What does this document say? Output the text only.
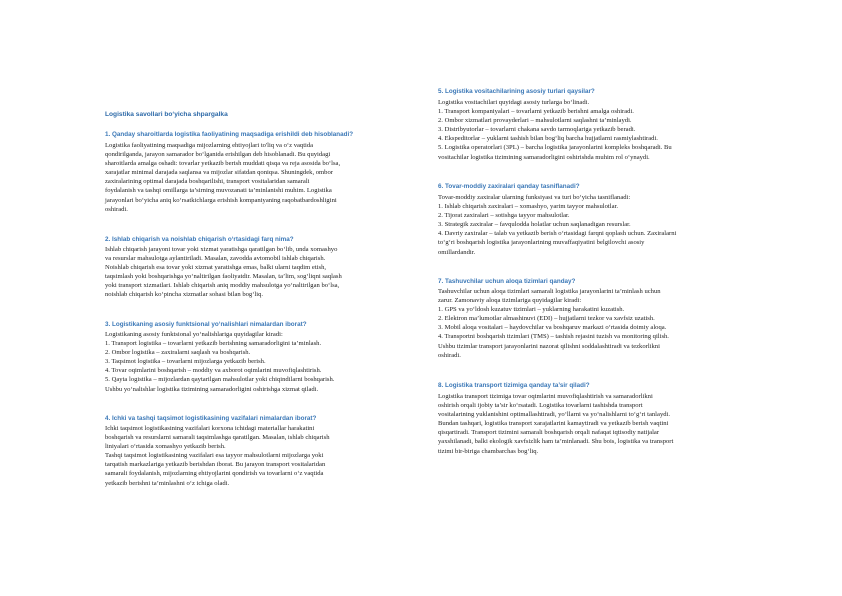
Logistika savollari bo‘yicha shpargalka
1. Qanday sharoitlarda logistika faoliyatining maqsadiga erishildi deb hisoblanadi?
Logistika faoliyatining maqsadiga mijozlarning ehtiyojlari to'liq va o‘z vaqtida
qondirilganda, jarayon samarador bo‘lganida erishilgan deb hisoblanadi. Bu quyidagi
sharoitlarda amalga oshadi: tovarlar yetkazib berish muddati qisqa va reja asosida bo‘lsa,
xarajatlar minimal darajada saqlansa va mijozlar sifatdan qoniqsa. Shuningdek, ombor
zaxiralarining optimal darajada boshqarilishi, transport vositalaridan samarali
foydalanish va tashqi omillarga ta’sirning muvozanati ta’minlanishi muhim. Logistika
jarayonlari bo‘yicha aniq ko‘rsatkichlarga erishish kompaniyaning raqobatbardoshligini
oshiradi.
2. Ishlab chiqarish va noishlab chiqarish o‘rtasidagi farq nima?
Ishlab chiqarish jarayoni tovar yoki xizmat yaratishga qaratilgan bo‘lib, unda xomashyo
va resurslar mahsulotga aylantiriladi. Masalan, zavodda avtomobil ishlab chiqarish.
Noishlab chiqarish esa tovar yoki xizmat yaratishga emas, balki ularni taqdim etish,
taqsimlash yoki boshqarishga yo‘naltirilgan faoliyatdir. Masalan, ta’lim, sog‘liqni saqlash
yoki transport xizmatlari. Ishlab chiqarish aniq moddiy mahsulotga yo‘naltirilgan bo‘lsa,
noishlab chiqarish ko‘pincha xizmatlar sohasi bilan bog‘liq.
3. Logistikaning asosiy funktsional yo‘nalishlari nimalardan iborat?
Logistikaning asosiy funktsional yo‘nalishlariga quyidagilar kiradi:
1. Transport logistika – tovarlarni yetkazib berishning samaradorligini ta’minlash.
2. Ombor logistika – zaxiralarni saqlash va boshqarish.
3. Taqsimot logistika – tovarlarni mijozlarga yetkazib berish.
4. Tovar oqimlarini boshqarish – moddiy va axborot oqimlarini muvofiqlashtirish.
5. Qayta logistika – mijozlardan qaytarilgan mahsulotlar yoki chiqindilarni boshqarish.
Ushbu yo‘nalishlar logistika tizimining samaradorligini oshirishga xizmat qiladi.
4. Ichki va tashqi taqsimot logistikasining vazifalari nimalardan iborat?
Ichki taqsimot logistikasining vazifalari korxona ichidagi materiallar harakatini
boshqarish va resurslarni samarali taqsimlashga qaratilgan. Masalan, ishlab chiqarish
liniyalari o‘rtasida xomashyo yetkazib berish.
Tashqi taqsimot logistikasining vazifalari esa tayyor mahsulotlarni mijozlarga yoki
tarqatish markazlariga yetkazib berishdan iborat. Bu jarayon transport vositalaridan
samarali foydalanish, mijozlarning ehtiyojlarini qondirish va tovarlarni o‘z vaqtida
yetkazib berishni ta’minlashni o‘z ichiga oladi.
5. Logistika vositachilarining asosiy turlari qaysilar?
Logistika vositachilari quyidagi asosiy turlarga bo‘linadi.
1. Transport kompaniyalari – tovarlarni yetkazib berishni amalga oshiradi.
2. Ombor xizmatlari provayderlari – mahsulotlarni saqlashni ta’minlaydi.
3. Distribyutorlar – tovarlarni chakana savdo tarmoqlariga yetkazib beradi.
4. Ekspeditorlar – yuklarni tashish bilan bog‘liq barcha hujjatlarni rasmiylashtiradi.
5. Logistika operatorlari (3PL) – barcha logistika jarayonlarini kompleks boshqaradi. Bu
vositachilar logistika tizimining samaradorligini oshirishda muhim rol o‘ynaydi.
6. Tovar-moddiy zaxiralari qanday tasniflanadi?
Tovar-moddiy zaxiralar ularning funksiyasi va turi bo‘yicha tasniflanadi:
1. Ishlab chiqarish zaxiralari – xomashyo, yarim tayyor mahsulotlar.
2. Tijorat zaxiralari – sotishga tayyor mahsulotlar.
3. Strategik zaxiralar – favqulodda holatlar uchun saqlanadigan resurslar.
4. Davriy zaxiralar – talab va yetkazib berish o‘rtasidagi farqni qoplash uchun. Zaxiralarni
to‘g‘ri boshqarish logistika jarayonlarining muvaffaqiyatini belgilovchi asosiy
omillardandir.
7. Tashuvchilar uchun aloqa tizimlari qanday?
Tashuvchilar uchun aloqa tizimlari samarali logistika jarayonlarini ta’minlash uchun
zarur. Zamonaviy aloqa tizimlariga quyidagilar kiradi:
1. GPS va yo‘ldosh kuzatuv tizimlari – yuklarning harakatini kuzatish.
2. Elektron ma’lumotlar almashinuvi (EDI) – hujjatlarni tezkor va xavfsiz uzatish.
3. Mobil aloqa vositalari – haydovchilar va boshqaruv markazi o‘rtasida doimiy aloqa.
4. Transportni boshqarish tizimlari (TMS) – tashish rejasini tuzish va monitoring qilish.
Ushbu tizimlar transport jarayonlarini nazorat qilishni soddalashtiradi va tezkorlikni
oshiradi.
8. Logistika transport tizimiga qanday ta’sir qiladi?
Logistika transport tizimiga tovar oqimlarini muvofiqlashtirish va samaradorlikni
oshirish orqali ijobiy ta’sir ko‘rsatadi. Logistika tovarlarni tashishda transport
vositalarining yuklanishini optimallashtiradi, yo‘llarni va yo‘nalishlarni to‘g‘ri tanlaydi.
Bundan tashqari, logistika transport xarajatlarini kamaytiradi va yetkazib berish vaqtini
qisqartiradi. Transport tizimini samarali boshqarish orqali nafaqat iqtisodiy natijalar
yaxshilanadi, balki ekologik xavfsizlik ham ta’minlanadi. Shu bois, logistika va transport
tizimi bir-biriga chambarchas bog‘liq.
